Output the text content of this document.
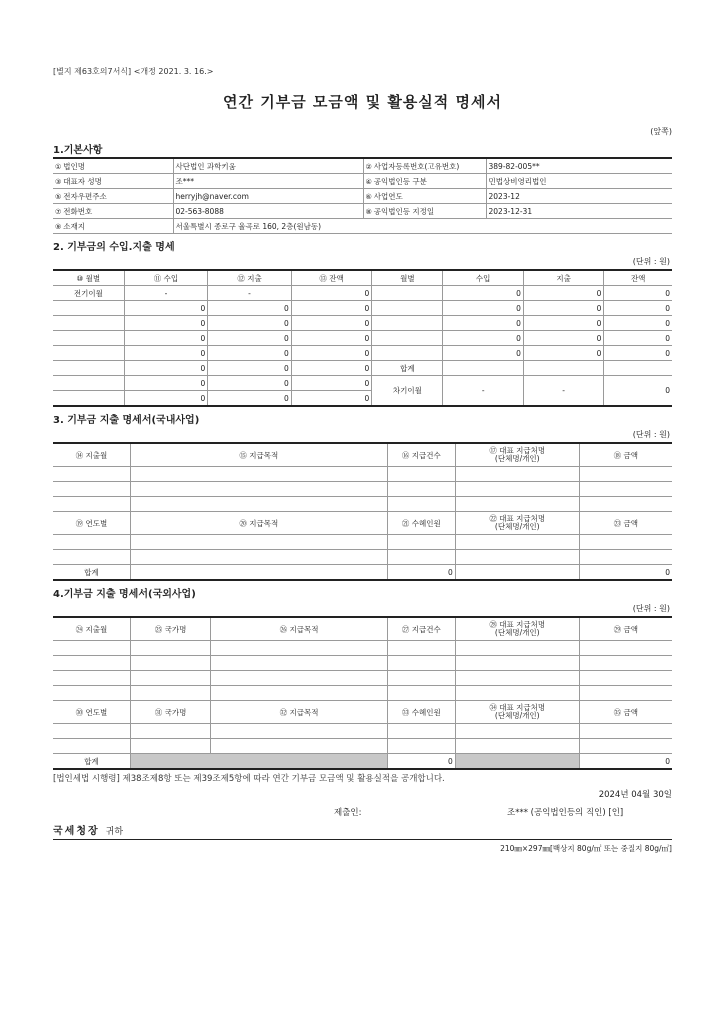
[별지 제63호의7서식] <개정 2021. 3. 16.>
연간 기부금 모금액 및 활용실적 명세서
(앞쪽)
1.기본사항
① 법인명	사단법인 과학키움	② 사업자등록번호(고유번호)	389-82-005**
③ 대표자 성명	조***	④ 공익법인등 구분	민법상비영리법인
⑤ 전자우편주소	herryjh@naver.com	⑥ 사업연도	2023-12
⑦ 전화번호	02-563-8088	⑧ 공익법인등 지정일	2023-12-31
⑨ 소재지	서울특별시 종로구 율곡로 160, 2층(원남동)		
2. 기부금의 수입.지출 명세
(단위 : 원)
⑩ 월별	⑪ 수입	⑫ 지출	⑬ 잔액	월별	수입	지출	잔액
전기이월	-	-	0		0	0	0
	0	0	0		0	0	0
	0	0	0		0	0	0
	0	0	0		0	0	0
	0	0	0		0	0	0
	0	0	0	합계			
	0	0	0	차기이월	-	-	0
	0	0	0				
3. 기부금 지출 명세서(국내사업)
(단위 : 원)
⑭ 지출월	⑮ 지급목적	⑯ 지급건수	⑰ 대표 지급처명
(단체명/개인)	⑱ 금액

⑲ 연도별	⑳ 지급목적	㉑ 수혜인원	㉒ 대표 지급처명
(단체명/개인)	㉓ 금액

합계		0		0
4.기부금 지출 명세서(국외사업)
(단위 : 원)
㉔ 지출월	㉕ 국가명	㉖ 지급목적	㉗ 지급건수	㉘ 대표 지급처명
(단체명/개인)	㉙ 금액

㉚ 연도별	㉛ 국가명	㉜ 지급목적	㉝ 수혜인원	㉞ 대표 지급처명
(단체명/개인)	㉟ 금액

합계			0		0
[법인세법 시행령] 제38조제8항 또는 제39조제5항에 따라 연간 기부금 모금액 및 활용실적을 공개합니다.
2024년 04월 30일
제출인:	조*** (공익법인등의 직인) [인]
국세청장 귀하
210㎜×297㎜[백상지 80g/㎡ 또는 중질지 80g/㎡]
